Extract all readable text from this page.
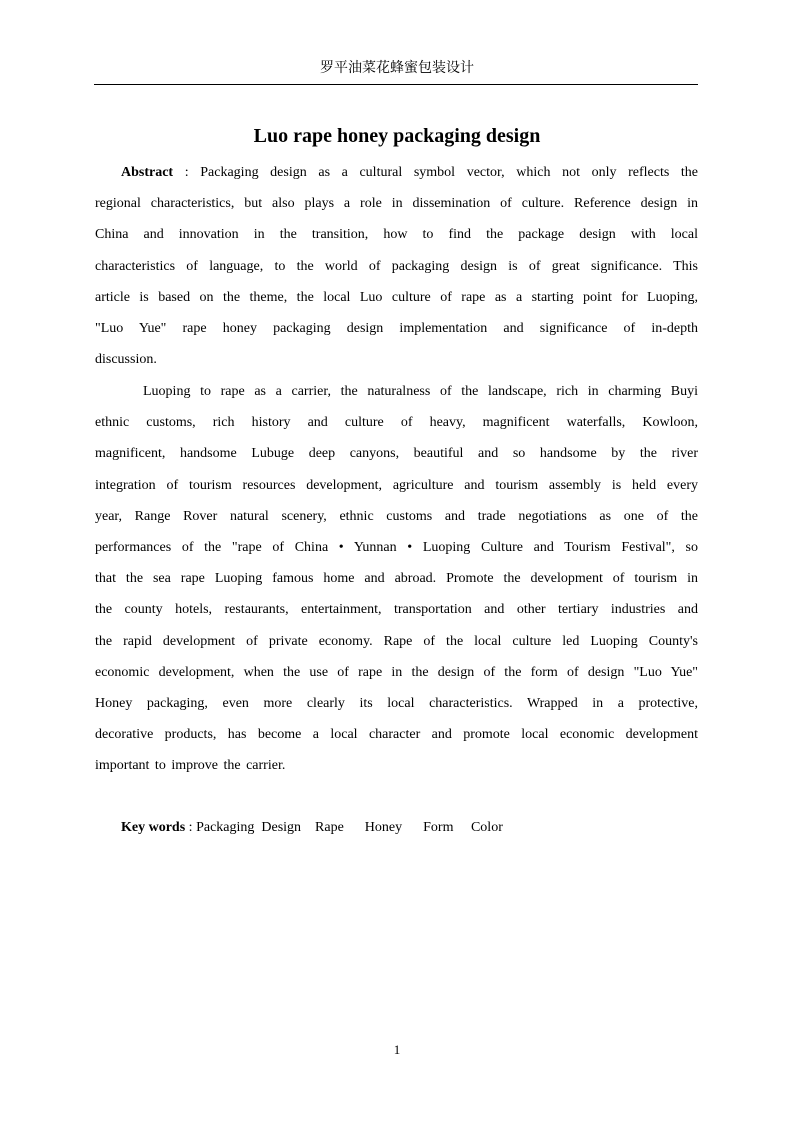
罗平油菜花蜂蜜包装设计
Luo rape honey packaging design
Abstract : Packaging design as a cultural symbol vector, which not only reflects the
regional characteristics, but also plays a role in dissemination of culture. Reference design in
China and innovation in the transition, how to find the package design with local
characteristics of language, to the world of packaging design is of great significance. This
article is based on the theme, the local Luo culture of rape as a starting point for Luoping,
"Luo Yue" rape honey packaging design implementation and significance of in-depth
discussion.
Luoping to rape as a carrier, the naturalness of the landscape, rich in charming Buyi
ethnic customs, rich history and culture of heavy, magnificent waterfalls, Kowloon,
magnificent, handsome Lubuge deep canyons, beautiful and so handsome by the river
integration of tourism resources development, agriculture and tourism assembly is held every
year, Range Rover natural scenery, ethnic customs and trade negotiations as one of the
performances of the "rape of China • Yunnan • Luoping Culture and Tourism Festival", so
that the sea rape Luoping famous home and abroad. Promote the development of tourism in
the county hotels, restaurants, entertainment, transportation and other tertiary industries and
the rapid development of private economy. Rape of the local culture led Luoping County's
economic development, when the use of rape in the design of the form of design "Luo Yue"
Honey packaging, even more clearly its local characteristics. Wrapped in a protective,
decorative products, has become a local character and promote local economic development
important to improve the carrier.
Key words : Packaging  Design    Rape      Honey      Form     Color
1
